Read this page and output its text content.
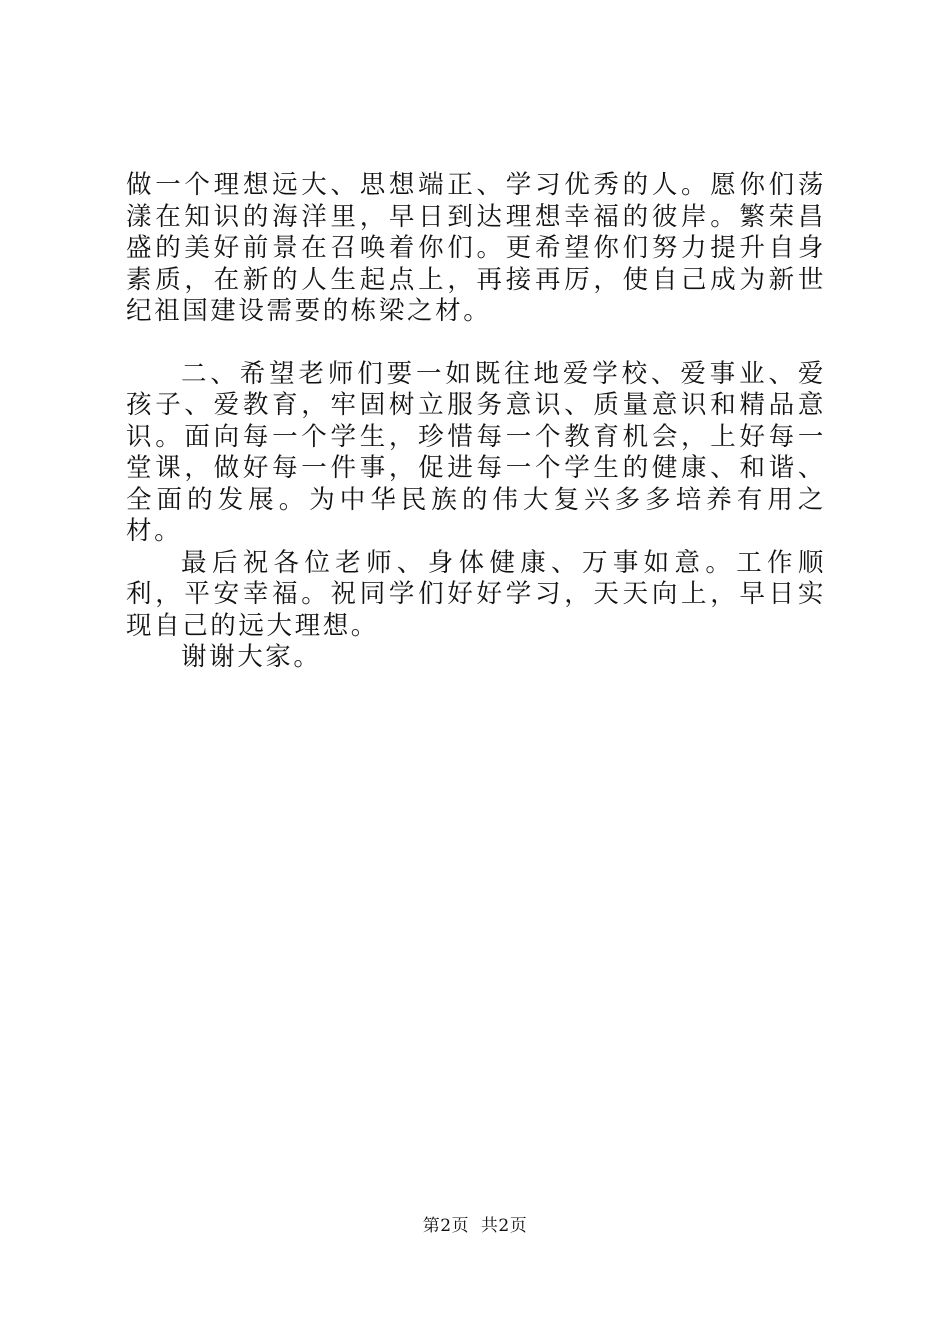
做一个理想远大、思想端正、学习优秀的人。愿你们荡漾在知识的海洋里，早日到达理想幸福的彼岸。繁荣昌盛的美好前景在召唤着你们。更希望你们努力提升自身素质，在新的人生起点上，再接再厉，使自己成为新世纪祖国建设需要的栋梁之材。

二、希望老师们要一如既往地爱学校、爱事业、爱孩子、爱教育，牢固树立服务意识、质量意识和精品意识。面向每一个学生，珍惜每一个教育机会，上好每一堂课，做好每一件事，促进每一个学生的健康、和谐、全面的发展。为中华民族的伟大复兴多多培养有用之材。

最后祝各位老师、身体健康、万事如意。工作顺利，平安幸福。祝同学们好好学习，天天向上，早日实现自己的远大理想。

谢谢大家。

第2页  共2页
